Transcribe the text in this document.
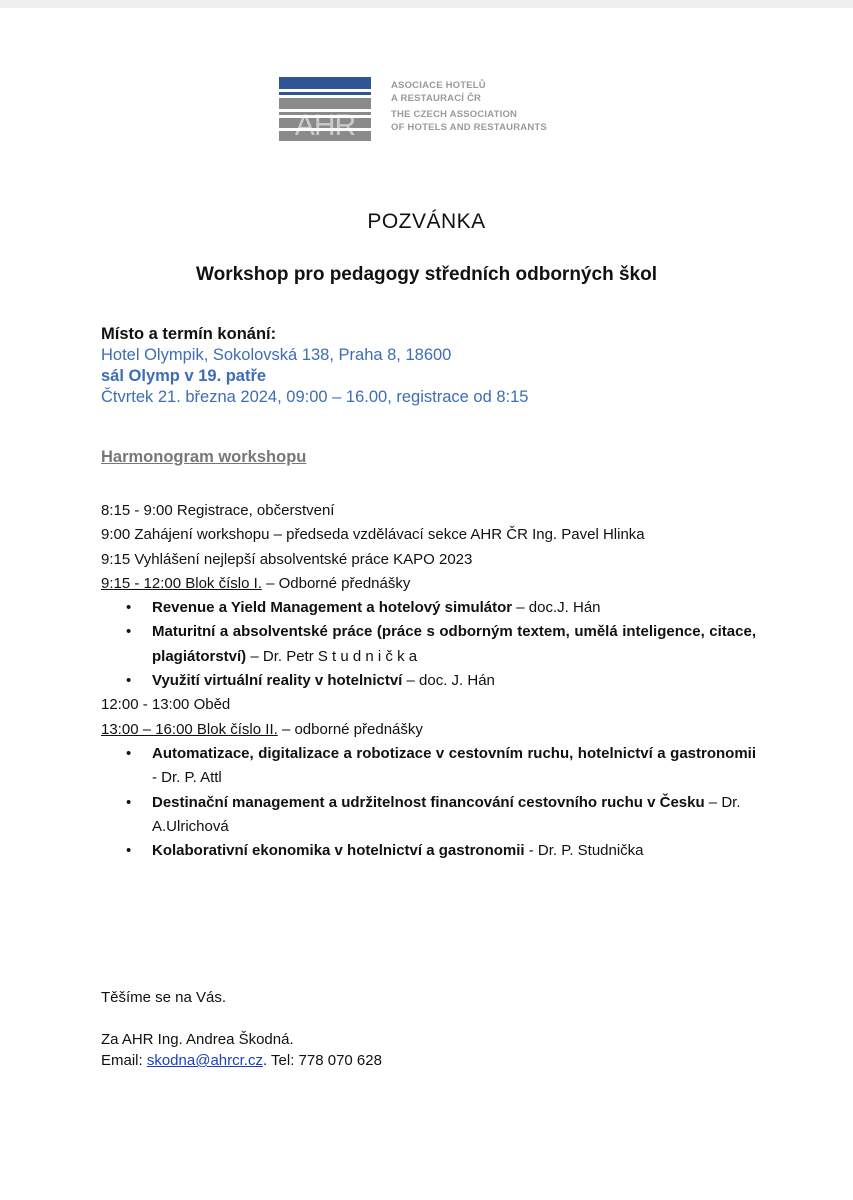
AHR
ASOCIACE HOTELŮ
A RESTAURACÍ ČR
THE CZECH ASSOCIATION
OF HOTELS AND RESTAURANTS
POZVÁNKA
Workshop pro pedagogy středních odborných škol
Místo a termín konání:
Hotel Olympik, Sokolovská 138, Praha 8, 18600
sál Olymp v 19. patře
Čtvrtek 21. března 2024, 09:00 – 16.00, registrace od 8:15
Harmonogram workshopu
8:15 - 9:00 Registrace, občerstvení
9:00 Zahájení workshopu – předseda vzdělávací sekce AHR ČR Ing. Pavel Hlinka
9:15 Vyhlášení nejlepší absolventské práce KAPO 2023
9:15 - 12:00 Blok číslo I. – Odborné přednášky
• Revenue a Yield Management a hotelový simulátor – doc.J. Hán
• Maturitní a absolventské práce (práce s odborným textem, umělá inteligence, citace, plagiátorství) – Dr. Petr S t u d n i č k a
• Využití virtuální reality v hotelnictví – doc. J. Hán
12:00 - 13:00 Oběd
13:00 – 16:00 Blok číslo II. – odborné přednášky
• Automatizace, digitalizace a robotizace v cestovním ruchu, hotelnictví a gastronomii - Dr. P. Attl
• Destinační management a udržitelnost financování cestovního ruchu v Česku – Dr. A.Ulrichová
• Kolaborativní ekonomika v hotelnictví a gastronomii - Dr. P. Studnička
Těšíme se na Vás.
Za AHR Ing. Andrea Škodná.
Email: skodna@ahrcr.cz. Tel: 778 070 628
